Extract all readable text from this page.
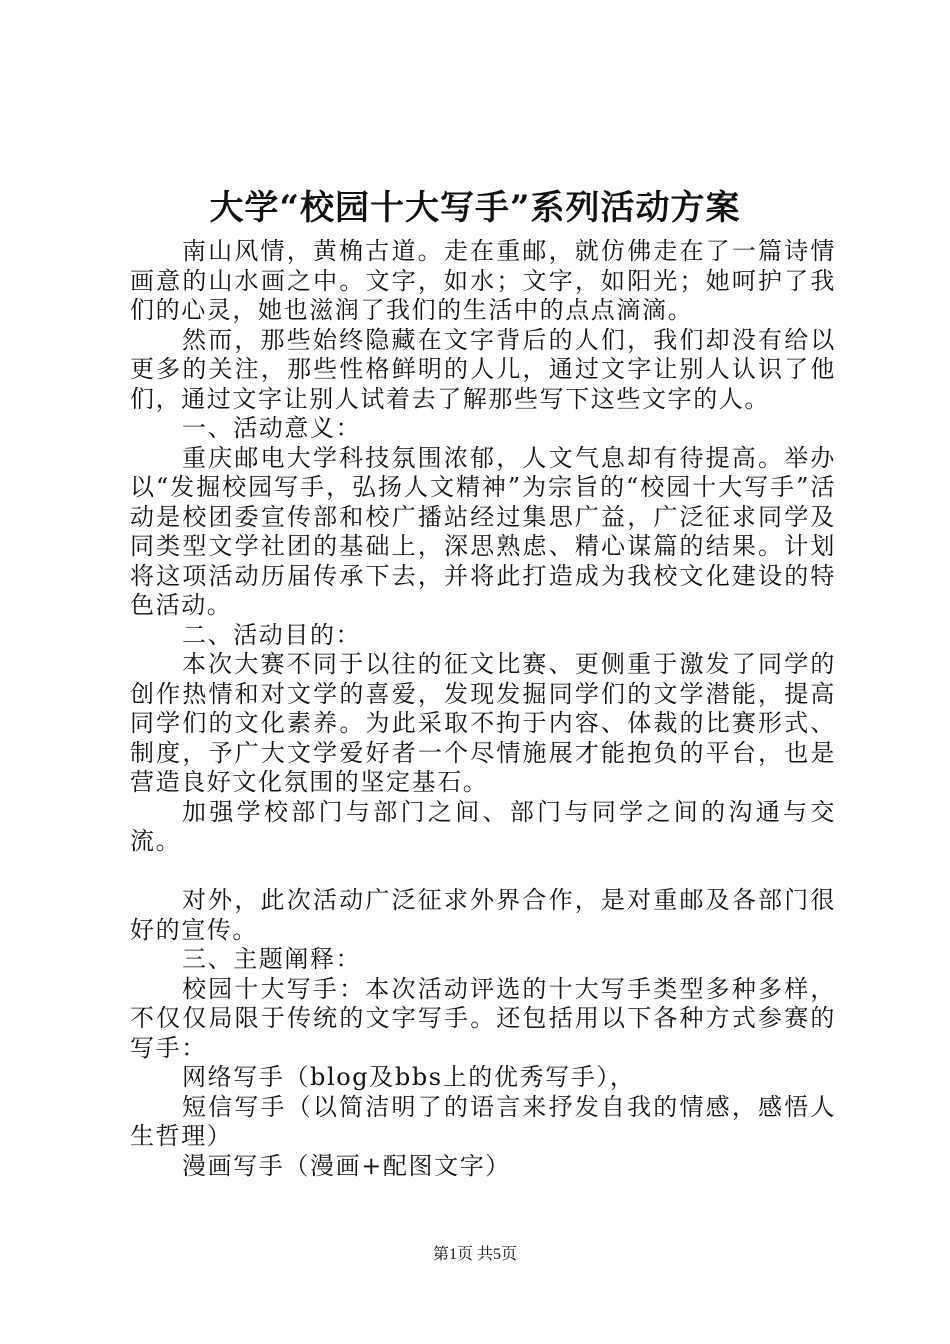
大学“校园十大写手”系列活动方案

南山风情，黄桷古道。走在重邮，就仿佛走在了一篇诗情画意的山水画之中。文字，如水；文字，如阳光；她呵护了我们的心灵，她也滋润了我们的生活中的点点滴滴。

然而，那些始终隐藏在文字背后的人们，我们却没有给以更多的关注，那些性格鲜明的人儿，通过文字让别人认识了他们，通过文字让别人试着去了解那些写下这些文字的人。

一、活动意义：

重庆邮电大学科技氛围浓郁，人文气息却有待提高。举办以“发掘校园写手，弘扬人文精神”为宗旨的“校园十大写手”活动是校团委宣传部和校广播站经过集思广益，广泛征求同学及同类型文学社团的基础上，深思熟虑、精心谋篇的结果。计划将这项活动历届传承下去，并将此打造成为我校文化建设的特色活动。

二、活动目的：

本次大赛不同于以往的征文比赛、更侧重于激发了同学的创作热情和对文学的喜爱，发现发掘同学们的文学潜能，提高同学们的文化素养。为此采取不拘于内容、体裁的比赛形式、制度，予广大文学爱好者一个尽情施展才能抱负的平台，也是营造良好文化氛围的坚定基石。

加强学校部门与部门之间、部门与同学之间的沟通与交流。

对外，此次活动广泛征求外界合作，是对重邮及各部门很好的宣传。

三、主题阐释：

校园十大写手：本次活动评选的十大写手类型多种多样，不仅仅局限于传统的文字写手。还包括用以下各种方式参赛的写手：

网络写手（blog及bbs上的优秀写手），

短信写手（以简洁明了的语言来抒发自我的情感，感悟人生哲理）

漫画写手（漫画+配图文字）

第1页 共5页
